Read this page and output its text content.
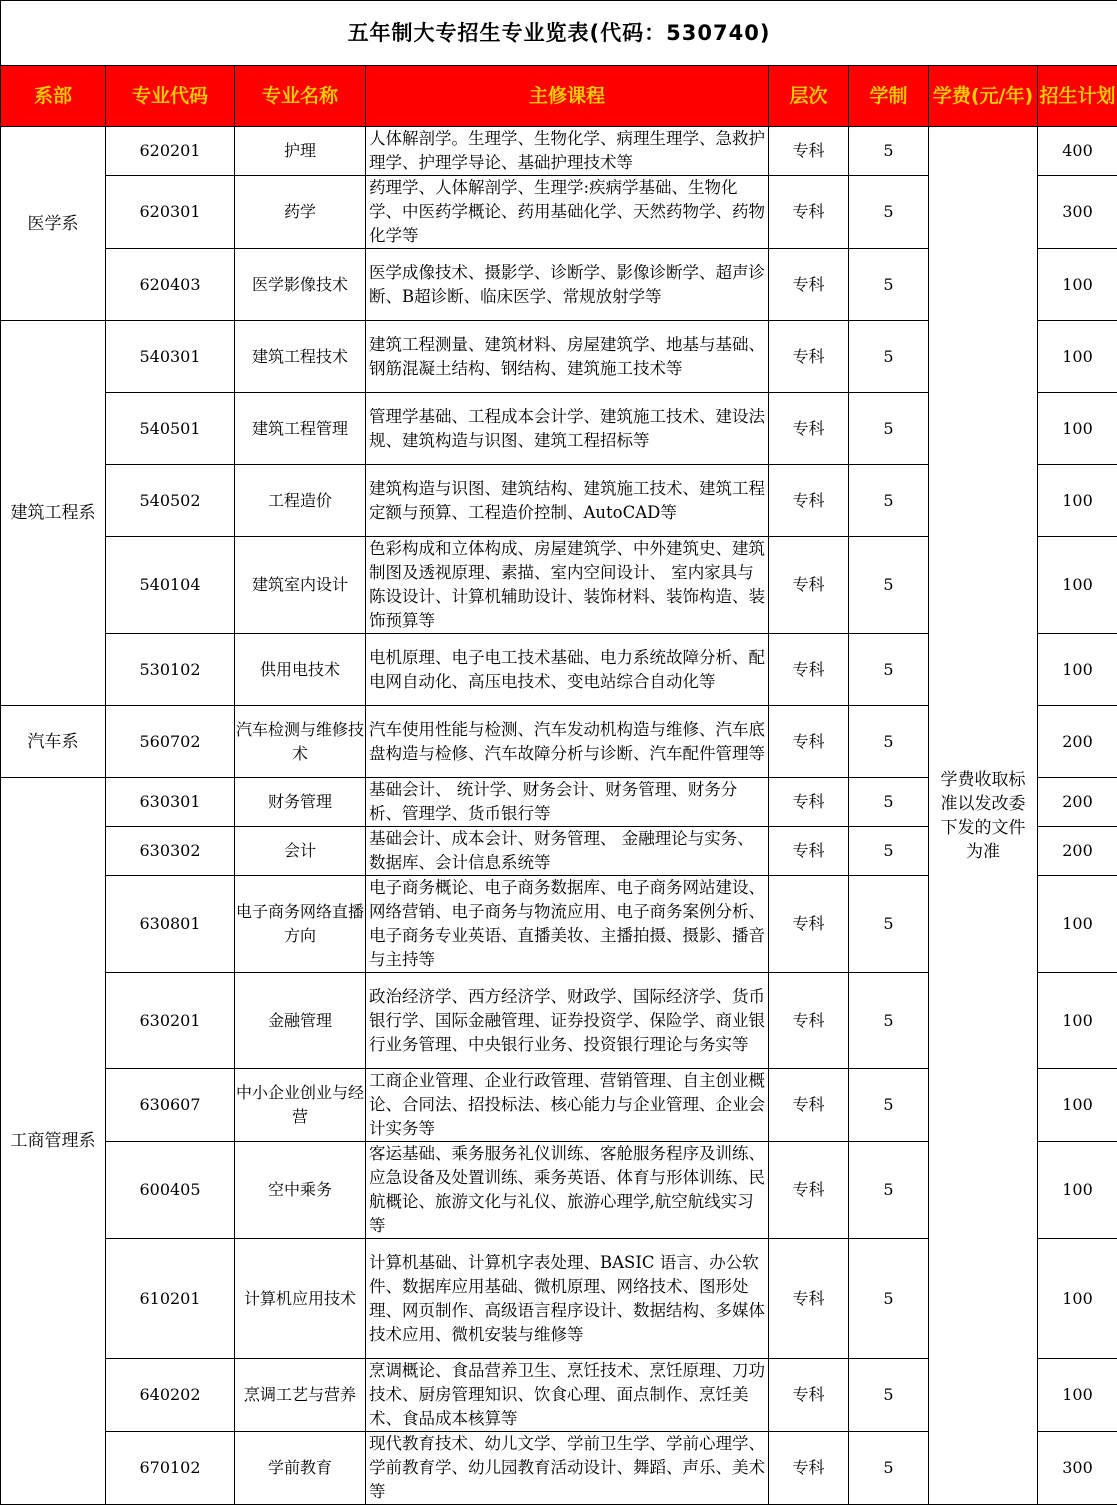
五年制大专招生专业览表(代码：530740)							
系部	专业代码	专业名称	主修课程	层次	学制	学费(元/年)	招生计划
医学系	620201	护理	人体解剖学。生理学、生物化学、病理生理学、急救护理学、护理学导论、基础护理技术等	专科	5	学费收取标准以发改委下发的文件为准	400
	620301	药学	药理学、人体解剖学、生理学:疾病学基础、生物化学、中医药学概论、药用基础化学、天然药物学、药物化学等	专科	5		300
	620403	医学影像技术	医学成像技术、摄影学、诊断学、影像诊断学、超声诊断、B超诊断、临床医学、常规放射学等	专科	5		100
建筑工程系	540301	建筑工程技术	建筑工程测量、建筑材料、房屋建筑学、地基与基础、钢筋混凝土结构、钢结构、建筑施工技术等	专科	5		100
	540501	建筑工程管理	管理学基础、工程成本会计学、建筑施工技术、建设法规、建筑构造与识图、建筑工程招标等	专科	5		100
	540502	工程造价	建筑构造与识图、建筑结构、建筑施工技术、建筑工程定额与预算、工程造价控制、AutoCAD等	专科	5		100
	540104	建筑室内设计	色彩构成和立体构成、房屋建筑学、中外建筑史、建筑制图及透视原理、素描、室内空间设计、 室内家具与陈设设计、计算机辅助设计、装饰材料、装饰构造、装饰预算等	专科	5		100
	530102	供用电技术	电机原理、电子电工技术基础、电力系统故障分析、配电网自动化、高压电技术、变电站综合自动化等	专科	5		100
汽车系	560702	汽车检测与维修技术	汽车使用性能与检测、汽车发动机构造与维修、汽车底盘构造与检修、汽车故障分析与诊断、汽车配件管理等	专科	5		200
工商管理系	630301	财务管理	基础会计、 统计学、财务会计、财务管理、财务分析、管理学、货币银行等	专科	5		200
	630302	会计	基础会计、成本会计、财务管理、 金融理论与实务、 数据库、会计信息系统等	专科	5		200
	630801	电子商务网络直播方向	电子商务概论、电子商务数据库、电子商务网站建设、网络营销、电子商务与物流应用、电子商务案例分析、电子商务专业英语、直播美妆、主播拍摄、摄影、播音与主持等	专科	5		100
	630201	金融管理	政治经济学、西方经济学、财政学、国际经济学、货币银行学、国际金融管理、证券投资学、保险学、商业银行业务管理、中央银行业务、投资银行理论与务实等	专科	5		100
	630607	中小企业创业与经营	工商企业管理、企业行政管理、营销管理、自主创业概论、合同法、招投标法、核心能力与企业管理、企业会计实务等	专科	5		100
	600405	空中乘务	客运基础、乘务服务礼仪训练、客舱服务程序及训练、应急设备及处置训练、乘务英语、体育与形体训练、民航概论、旅游文化与礼仪、旅游心理学,航空航线实习等	专科	5		100
	610201	计算机应用技术	计算机基础、计算机字表处理、BASIC 语言、办公软件、数据库应用基础、微机原理、网络技术、图形处理、网页制作、高级语言程序设计、数据结构、多媒体技术应用、微机安装与维修等	专科	5		100
	640202	烹调工艺与营养	烹调概论、食品营养卫生、烹饪技术、烹饪原理、刀功技术、厨房管理知识、饮食心理、面点制作、烹饪美术、食品成本核算等	专科	5		100
	670102	学前教育	现代教育技术、幼儿文学、学前卫生学、学前心理学、学前教育学、幼儿园教育活动设计、舞蹈、声乐、美术等	专科	5		300
